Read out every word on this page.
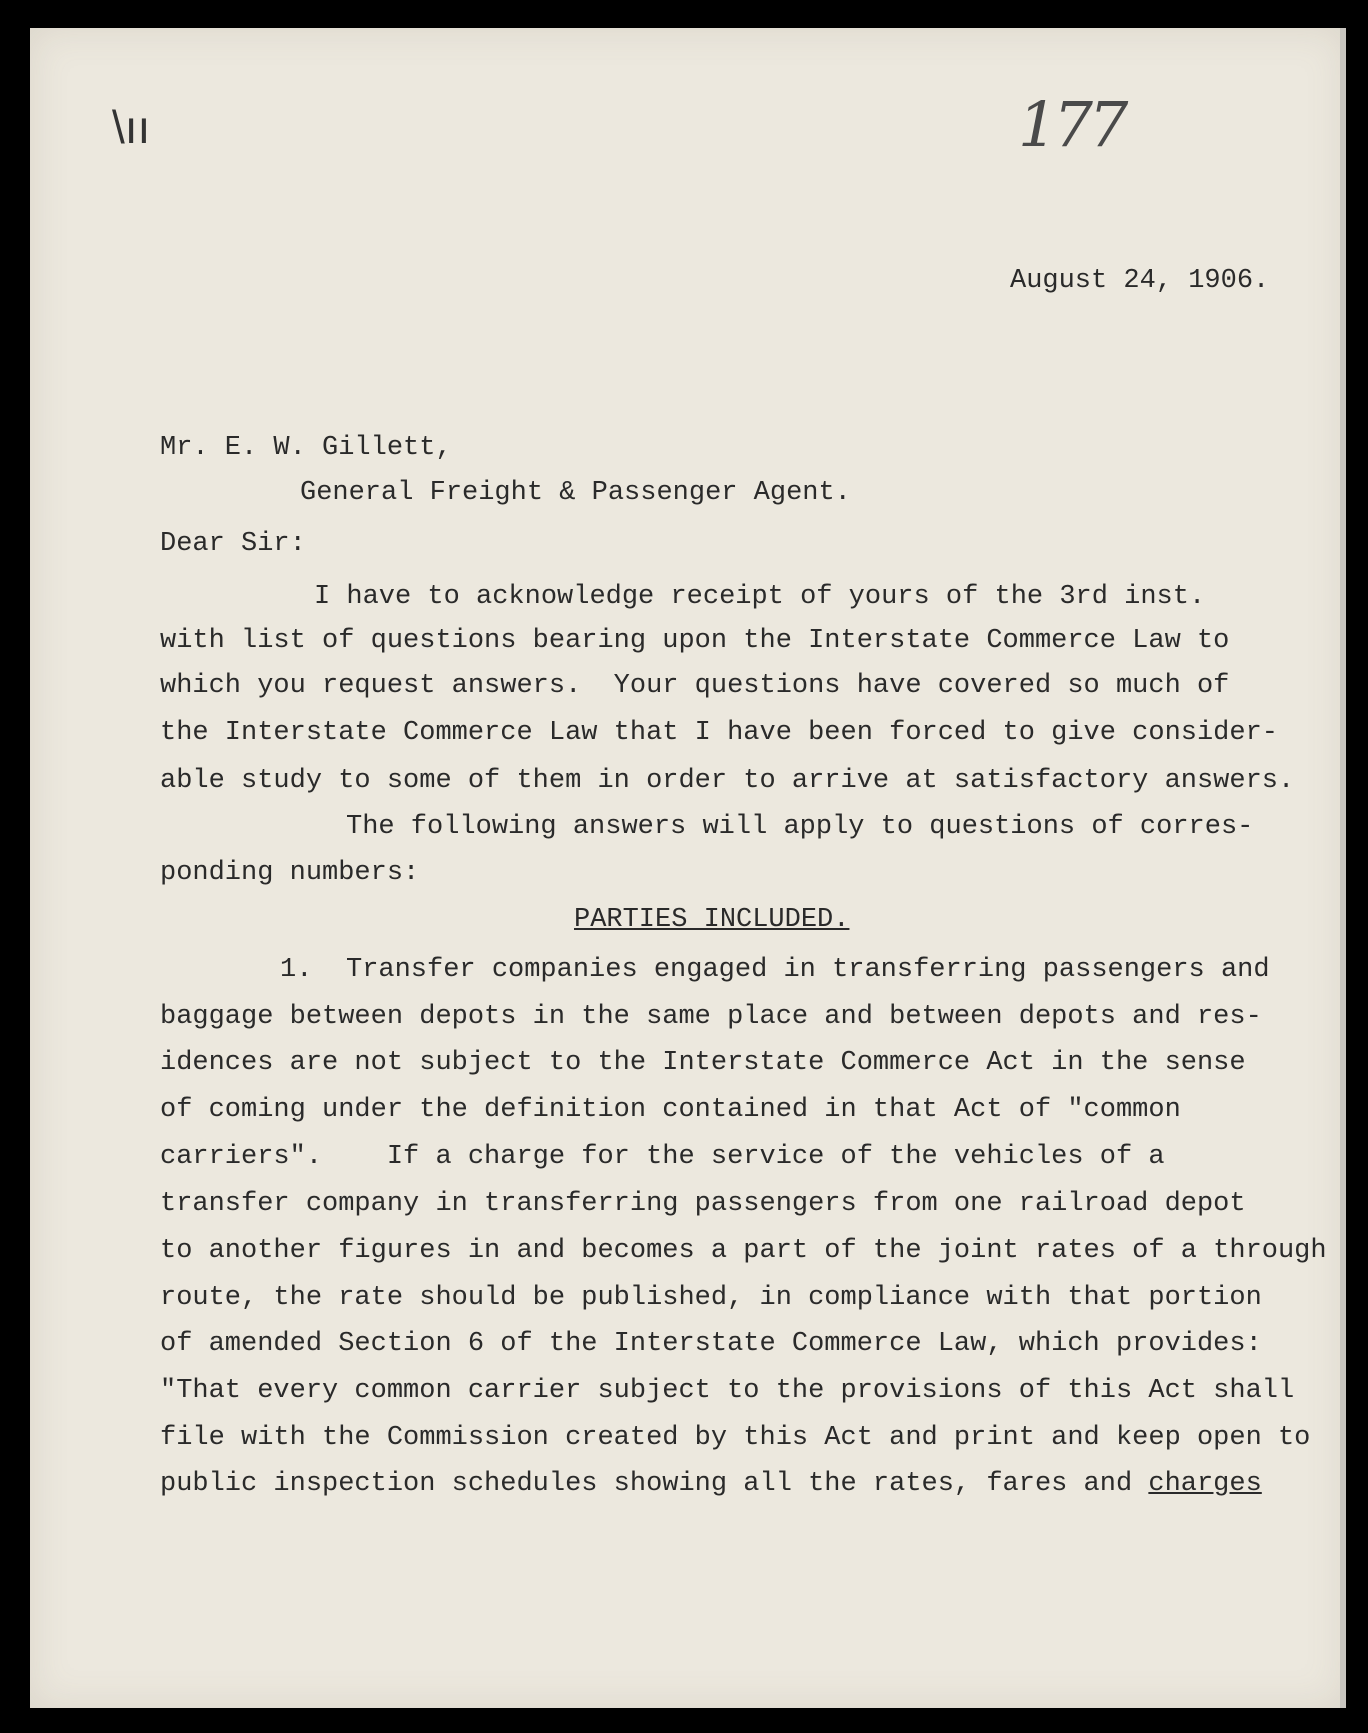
\ıı	177
August 24, 1906.
Mr. E. W. Gillett,
General Freight & Passenger Agent.
Dear Sir:
I have to acknowledge receipt of yours of the 3rd inst.
with list of questions bearing upon the Interstate Commerce Law to
which you request answers.  Your questions have covered so much of
the Interstate Commerce Law that I have been forced to give consider-
able study to some of them in order to arrive at satisfactory answers.
The following answers will apply to questions of corres-
ponding numbers:
PARTIES INCLUDED.
1. Transfer companies engaged in transferring passengers and
baggage between depots in the same place and between depots and res-
idences are not subject to the Interstate Commerce Act in the sense
of coming under the definition contained in that Act of "common
carriers".    If a charge for the service of the vehicles of a
transfer company in transferring passengers from one railroad depot
to another figures in and becomes a part of the joint rates of a through
route, the rate should be published, in compliance with that portion
of amended Section 6 of the Interstate Commerce Law, which provides:
"That every common carrier subject to the provisions of this Act shall
file with the Commission created by this Act and print and keep open to
public inspection schedules showing all the rates, fares and charges
